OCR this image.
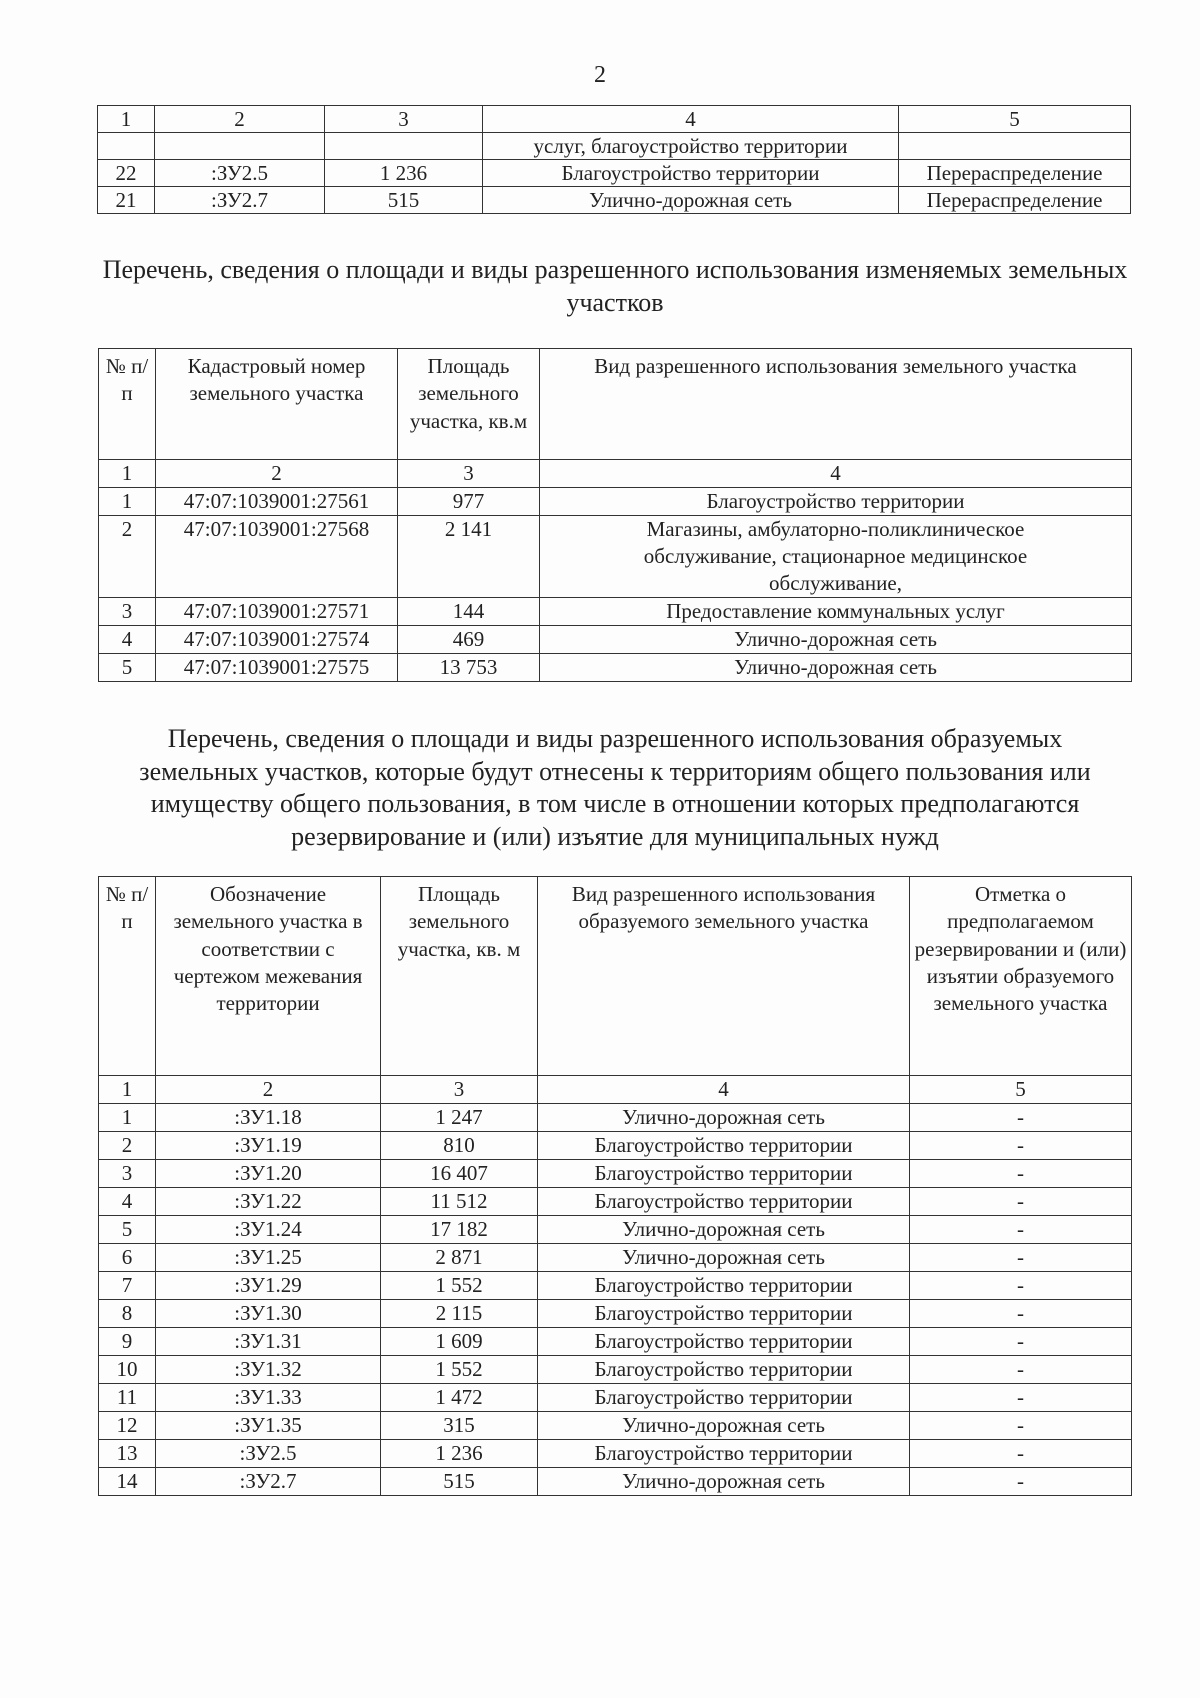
2
1	2	3	4	5
			услуг, благоустройство территории	
22	:ЗУ2.5	1 236	Благоустройство территории	Перераспределение
21	:ЗУ2.7	515	Улично-дорожная сеть	Перераспределение
Перечень, сведения о площади и виды разрешенного использования изменяемых земельных участков
№ п/п	Кадастровый номер земельного участка	Площадь земельного участка, кв.м	Вид разрешенного использования земельного участка
1	2	3	4
1	47:07:1039001:27561	977	Благоустройство территории
2	47:07:1039001:27568	2 141	Магазины, амбулаторно-поликлиническое обслуживание, стационарное медицинское обслуживание,
3	47:07:1039001:27571	144	Предоставление коммунальных услуг
4	47:07:1039001:27574	469	Улично-дорожная сеть
5	47:07:1039001:27575	13 753	Улично-дорожная сеть
Перечень, сведения о площади и виды разрешенного использования образуемых земельных участков, которые будут отнесены к территориям общего пользования или имуществу общего пользования, в том числе в отношении которых предполагаются резервирование и (или) изъятие для муниципальных нужд
№ п/п	Обозначение земельного участка в соответствии с чертежом межевания территории	Площадь земельного участка, кв. м	Вид разрешенного использования образуемого земельного участка	Отметка о предполагаемом резервировании и (или) изъятии образуемого земельного участка
1	2	3	4	5
1	:ЗУ1.18	1 247	Улично-дорожная сеть	-
2	:ЗУ1.19	810	Благоустройство территории	-
3	:ЗУ1.20	16 407	Благоустройство территории	-
4	:ЗУ1.22	11 512	Благоустройство территории	-
5	:ЗУ1.24	17 182	Улично-дорожная сеть	-
6	:ЗУ1.25	2 871	Улично-дорожная сеть	-
7	:ЗУ1.29	1 552	Благоустройство территории	-
8	:ЗУ1.30	2 115	Благоустройство территории	-
9	:ЗУ1.31	1 609	Благоустройство территории	-
10	:ЗУ1.32	1 552	Благоустройство территории	-
11	:ЗУ1.33	1 472	Благоустройство территории	-
12	:ЗУ1.35	315	Улично-дорожная сеть	-
13	:ЗУ2.5	1 236	Благоустройство территории	-
14	:ЗУ2.7	515	Улично-дорожная сеть	-
